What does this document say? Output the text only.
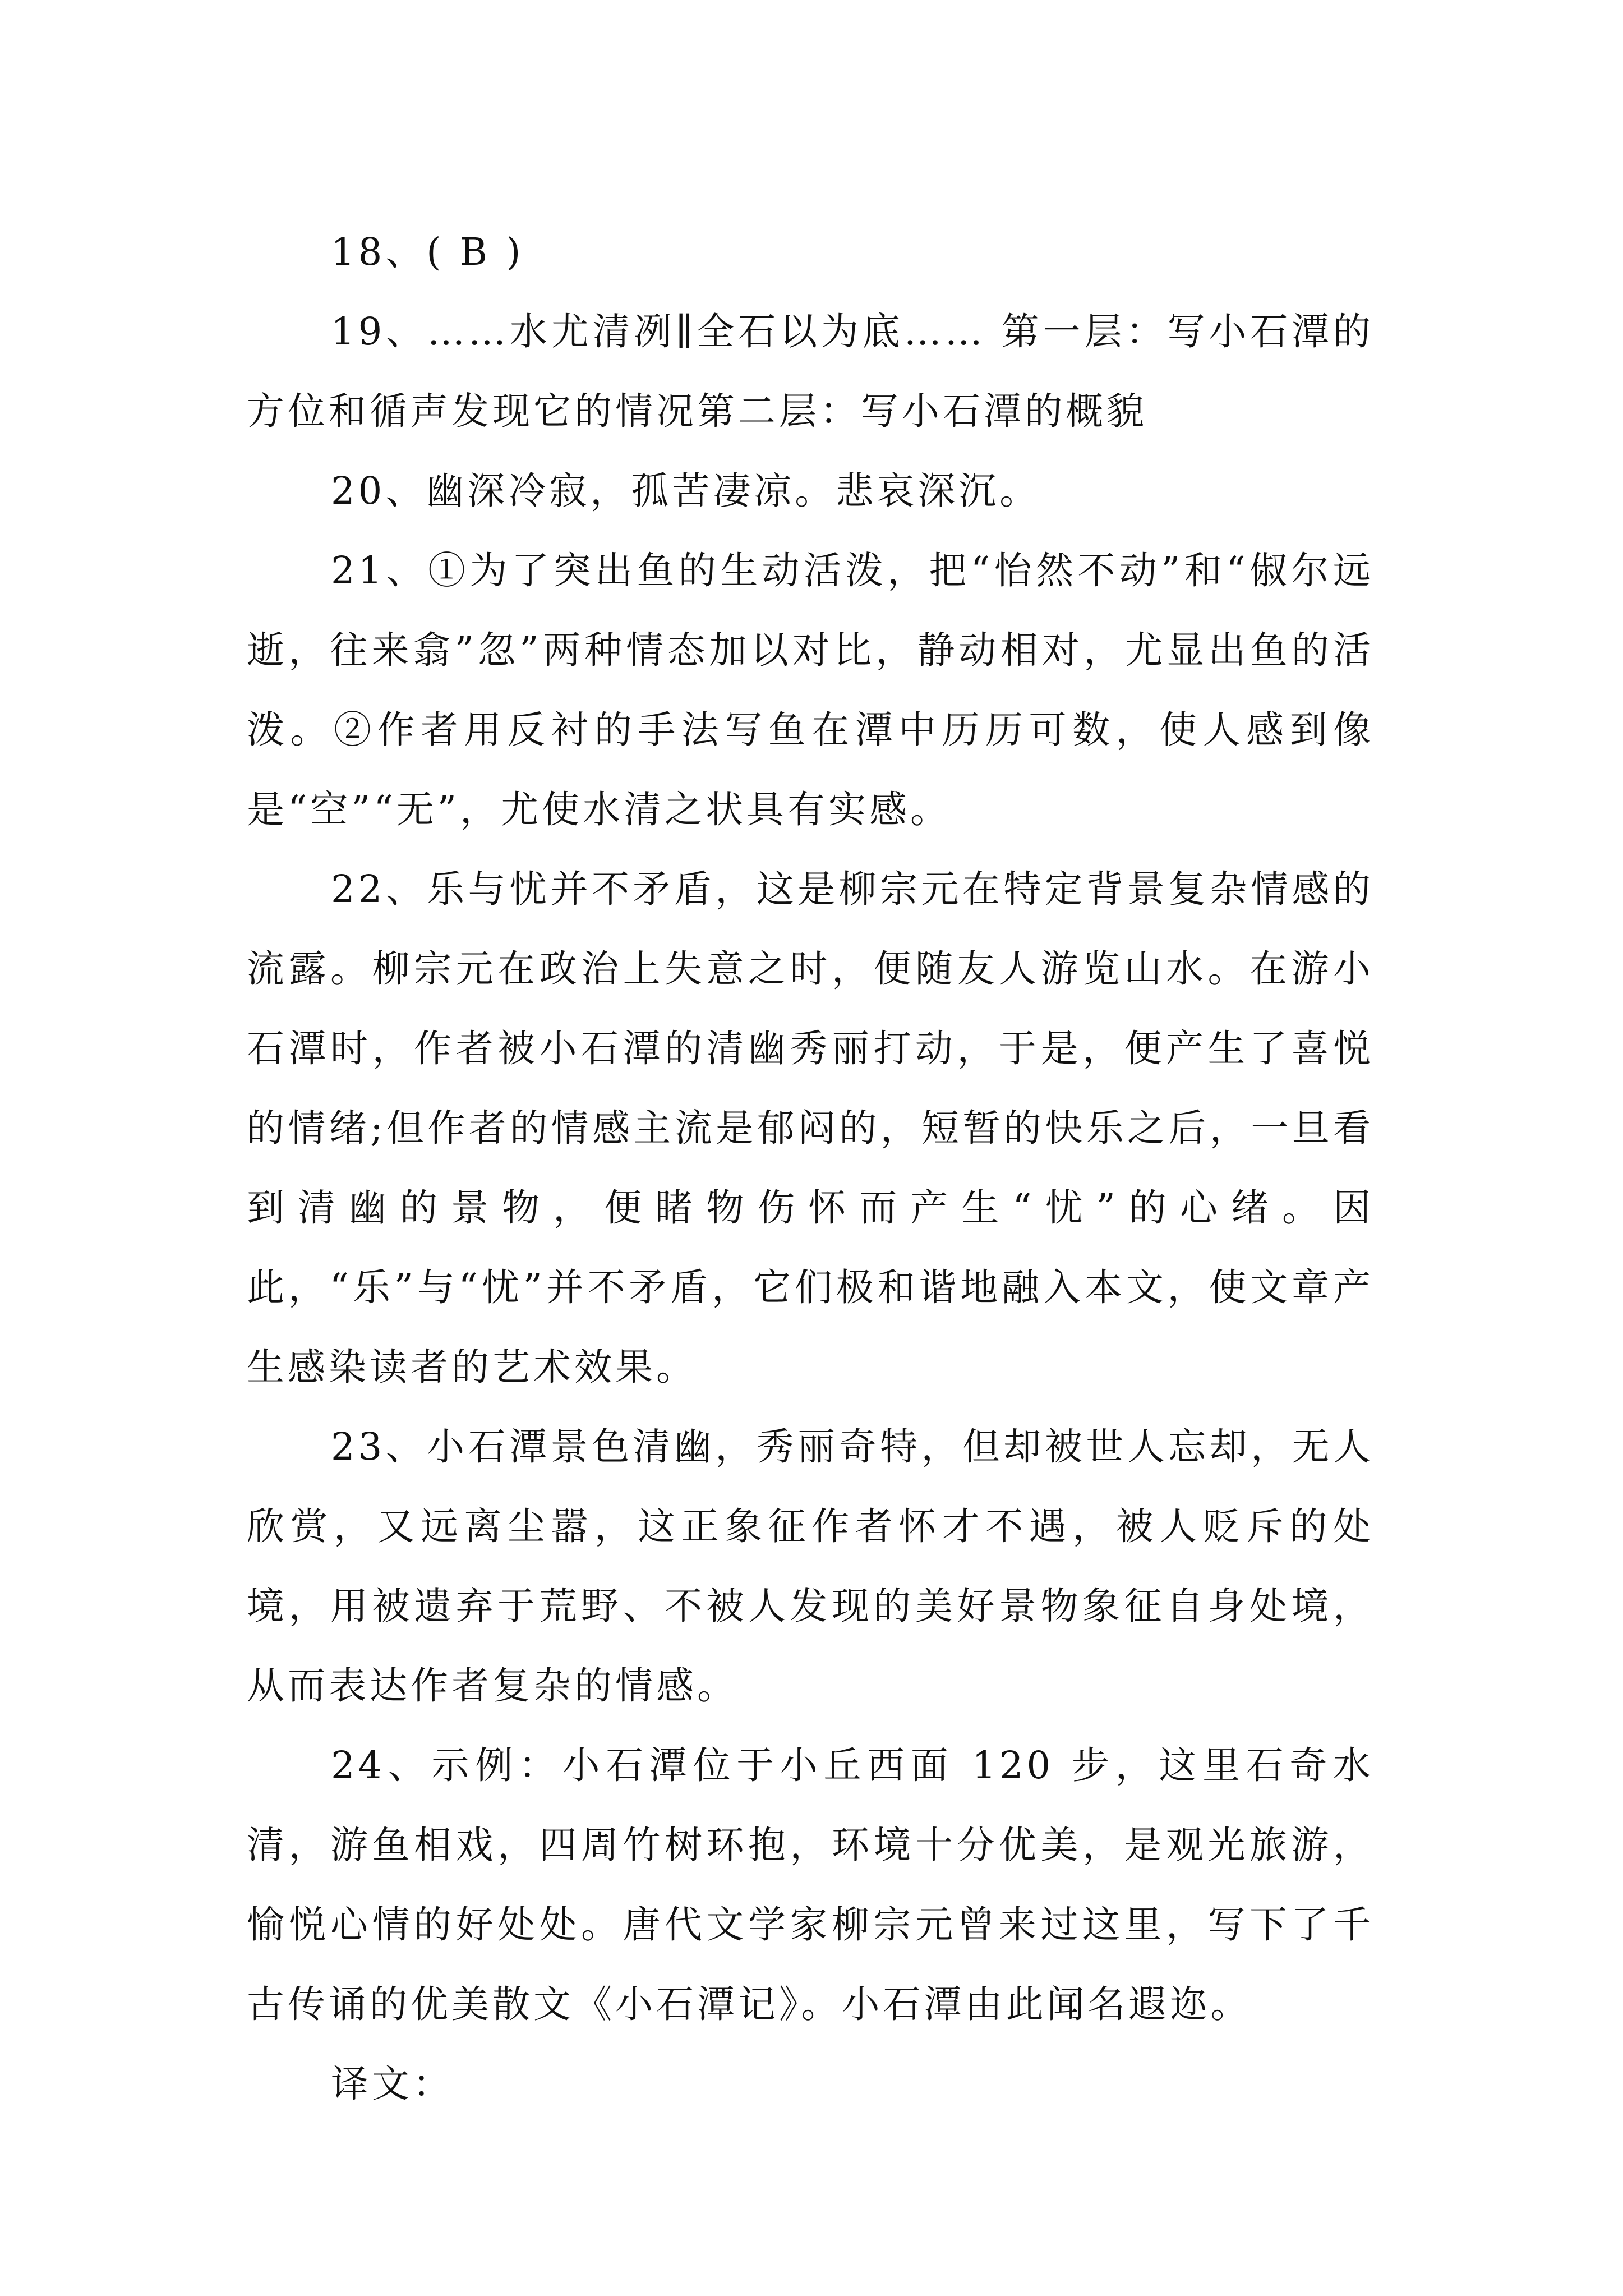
18、( B )

19、……水尤清冽∥全石以为底…… 第一层：写小石潭的方位和循声发现它的情况第二层：写小石潭的概貌

20、幽深冷寂，孤苦凄凉。悲哀深沉。

21、①为了突出鱼的生动活泼，把“怡然不动”和“俶尔远逝，往来翕”忽”两种情态加以对比，静动相对，尤显出鱼的活泼。②作者用反衬的手法写鱼在潭中历历可数，使人感到像是“空”“无”，尤使水清之状具有实感。

22、乐与忧并不矛盾，这是柳宗元在特定背景复杂情感的流露。柳宗元在政治上失意之时，便随友人游览山水。在游小石潭时，作者被小石潭的清幽秀丽打动，于是，便产生了喜悦的情绪;但作者的情感主流是郁闷的，短暂的快乐之后，一旦看到清幽的景物，便睹物伤怀而产生“忧”的心绪。因此，“乐”与“忧”并不矛盾，它们极和谐地融入本文，使文章产生感染读者的艺术效果。

23、小石潭景色清幽，秀丽奇特，但却被世人忘却，无人欣赏，又远离尘嚣，这正象征作者怀才不遇，被人贬斥的处境，用被遗弃于荒野、不被人发现的美好景物象征自身处境，从而表达作者复杂的情感。

24、示例：小石潭位于小丘西面 120 步，这里石奇水清，游鱼相戏，四周竹树环抱，环境十分优美，是观光旅游，愉悦心情的好处处。唐代文学家柳宗元曾来过这里，写下了千古传诵的优美散文《小石潭记》。小石潭由此闻名遐迩。

译文：
